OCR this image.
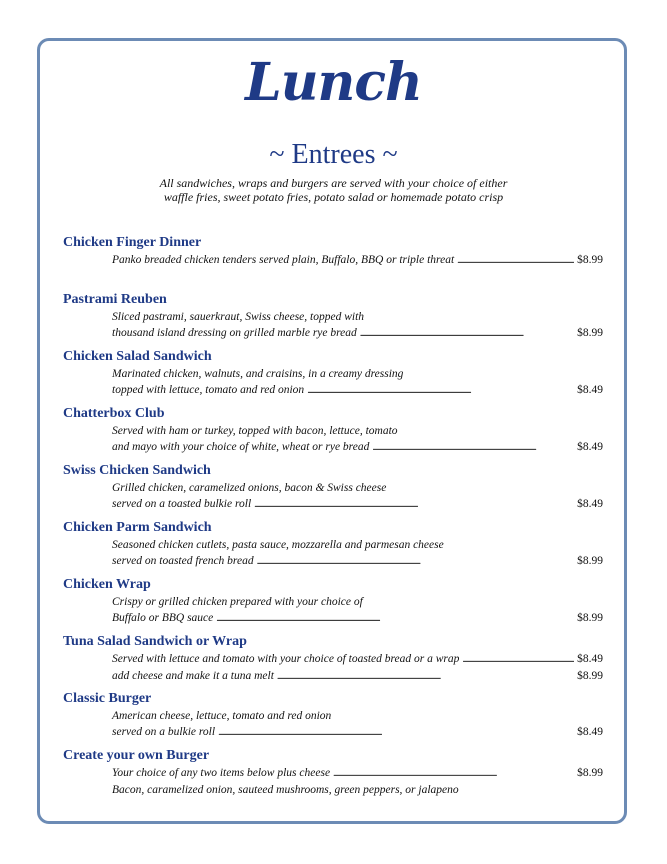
Lunch
~ Entrees ~
All sandwiches, wraps and burgers are served with your choice of either
waffle fries, sweet potato fries, potato salad or homemade potato crisp
Chicken Finger Dinner
Panko breaded chicken tenders served plain, Buffalo, BBQ or triple threat . . .	$8.99
Pastrami Reuben
Sliced pastrami, sauerkraut, Swiss cheese, topped with
thousand island dressing on grilled marble rye bread . . .	$8.99
Chicken Salad Sandwich
Marinated chicken, walnuts, and craisins, in a creamy dressing
topped with lettuce, tomato and red onion . . .	$8.49
Chatterbox Club
Served with ham or turkey, topped with bacon, lettuce, tomato
and mayo with your choice of white, wheat or rye bread . . .	$8.49
Swiss Chicken Sandwich
Grilled chicken, caramelized onions, bacon & Swiss cheese
served on a toasted bulkie roll . . .	$8.49
Chicken Parm Sandwich
Seasoned chicken cutlets, pasta sauce, mozzarella and parmesan cheese
served on toasted french bread . . .	$8.99
Chicken Wrap
Crispy or grilled chicken prepared with your choice of
Buffalo or BBQ sauce . . .	$8.99
Tuna Salad Sandwich or Wrap
Served with lettuce and tomato with your choice of toasted bread or a wrap . . .	$8.49
add cheese and make it a tuna melt . . .	$8.99
Classic Burger
American cheese, lettuce, tomato and red onion
served on a bulkie roll . . .	$8.49
Create your own Burger
Your choice of any two items below plus cheese . . .	$8.99
Bacon, caramelized onion, sauteed mushrooms, green peppers, or jalapeno
